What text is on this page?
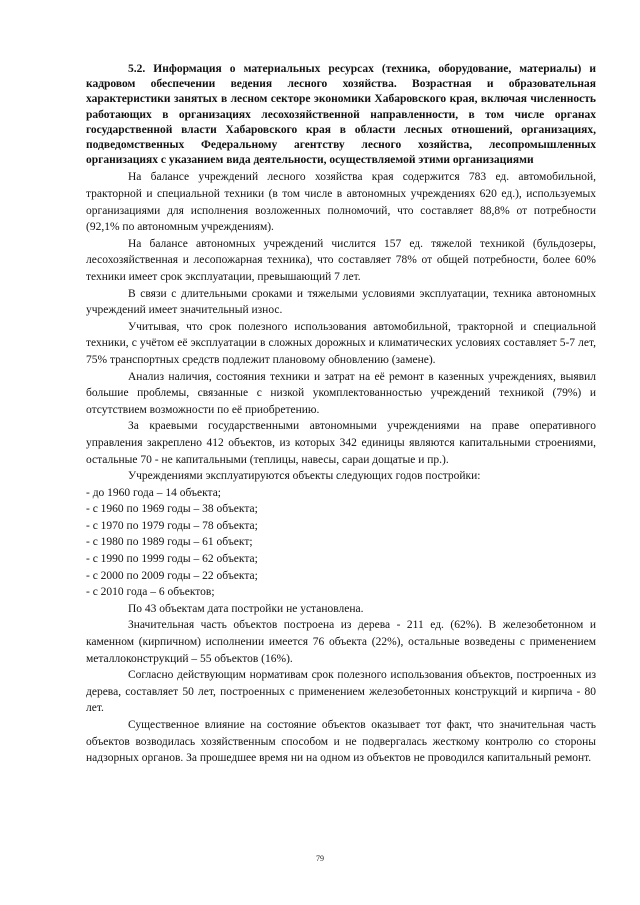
5.2. Информация о материальных ресурсах (техника, оборудование, материалы) и кадровом обеспечении ведения лесного хозяйства. Возрастная и образовательная характеристики занятых в лесном секторе экономики Хабаровского края, включая численность работающих в организациях лесохозяйственной направленности, в том числе органах государственной власти Хабаровского края в области лесных отношений, организациях, подведомственных Федеральному агентству лесного хозяйства, лесопромышленных организациях с указанием вида деятельности, осуществляемой этими организациями

На балансе учреждений лесного хозяйства края содержится 783 ед. автомобильной, тракторной и специальной техники (в том числе в автономных учреждениях 620 ед.), используемых организациями для исполнения возложенных полномочий, что составляет 88,8% от потребности (92,1% по автономным учреждениям).

На балансе автономных учреждений числится 157 ед. тяжелой техникой (бульдозеры, лесохозяйственная и лесопожарная техника), что составляет 78% от общей потребности, более 60% техники имеет срок эксплуатации, превышающий 7 лет.

В связи с длительными сроками и тяжелыми условиями эксплуатации, техника автономных учреждений имеет значительный износ.

Учитывая, что срок полезного использования автомобильной, тракторной и специальной техники, с учётом её эксплуатации в сложных дорожных и климатических условиях составляет 5-7 лет, 75% транспортных средств подлежит плановому обновлению (замене).

Анализ наличия, состояния техники и затрат на её ремонт в казенных учреждениях, выявил большие проблемы, связанные с низкой укомплектованностью учреждений техникой (79%) и отсутствием возможности по её приобретению.

За краевыми государственными автономными учреждениями на праве оперативного управления закреплено 412 объектов, из которых 342 единицы являются капитальными строениями, остальные 70 - не капитальными (теплицы, навесы, сараи дощатые и пр.).

Учреждениями эксплуатируются объекты следующих годов постройки:

- до 1960 года – 14 объекта;
- с 1960 по 1969 годы – 38 объекта;
- с 1970 по 1979 годы – 78 объекта;
- с 1980 по 1989 годы – 61 объект;
- с 1990 по 1999 годы – 62 объекта;
- с 2000 по 2009 годы – 22 объекта;
- с 2010 года – 6 объектов;

По 43 объектам дата постройки не установлена.

Значительная часть объектов построена из дерева - 211 ед. (62%). В железобетонном и каменном (кирпичном) исполнении имеется 76 объекта (22%), остальные возведены с применением металлоконструкций – 55 объектов (16%).

Согласно действующим нормативам срок полезного использования объектов, построенных из дерева, составляет 50 лет, построенных с применением железобетонных конструкций и кирпича - 80 лет.

Существенное влияние на состояние объектов оказывает тот факт, что значительная часть объектов возводилась хозяйственным способом и не подвергалась жесткому контролю со стороны надзорных органов. За прошедшее время ни на одном из объектов не проводился капитальный ремонт.

79
